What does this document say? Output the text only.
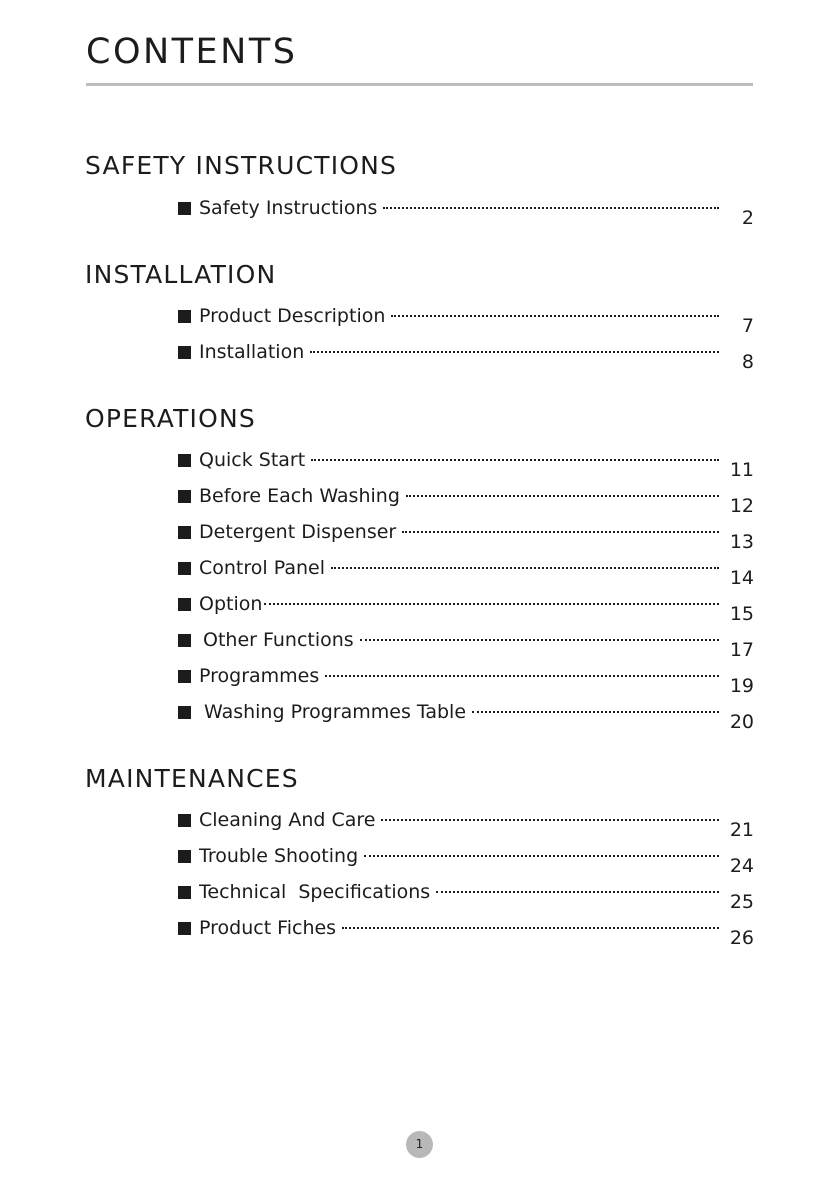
CONTENTS
SAFETY INSTRUCTIONS
Safety Instructions	2
INSTALLATION
Product Description	7
Installation	8
OPERATIONS
Quick Start	11
Before Each Washing	12
Detergent Dispenser	13
Control Panel	14
Option	15
Other Functions	17
Programmes	19
Washing Programmes Table	20
MAINTENANCES
Cleaning And Care	21
Trouble Shooting	24
Technical  Specifications	25
Product Fiches	26
1
